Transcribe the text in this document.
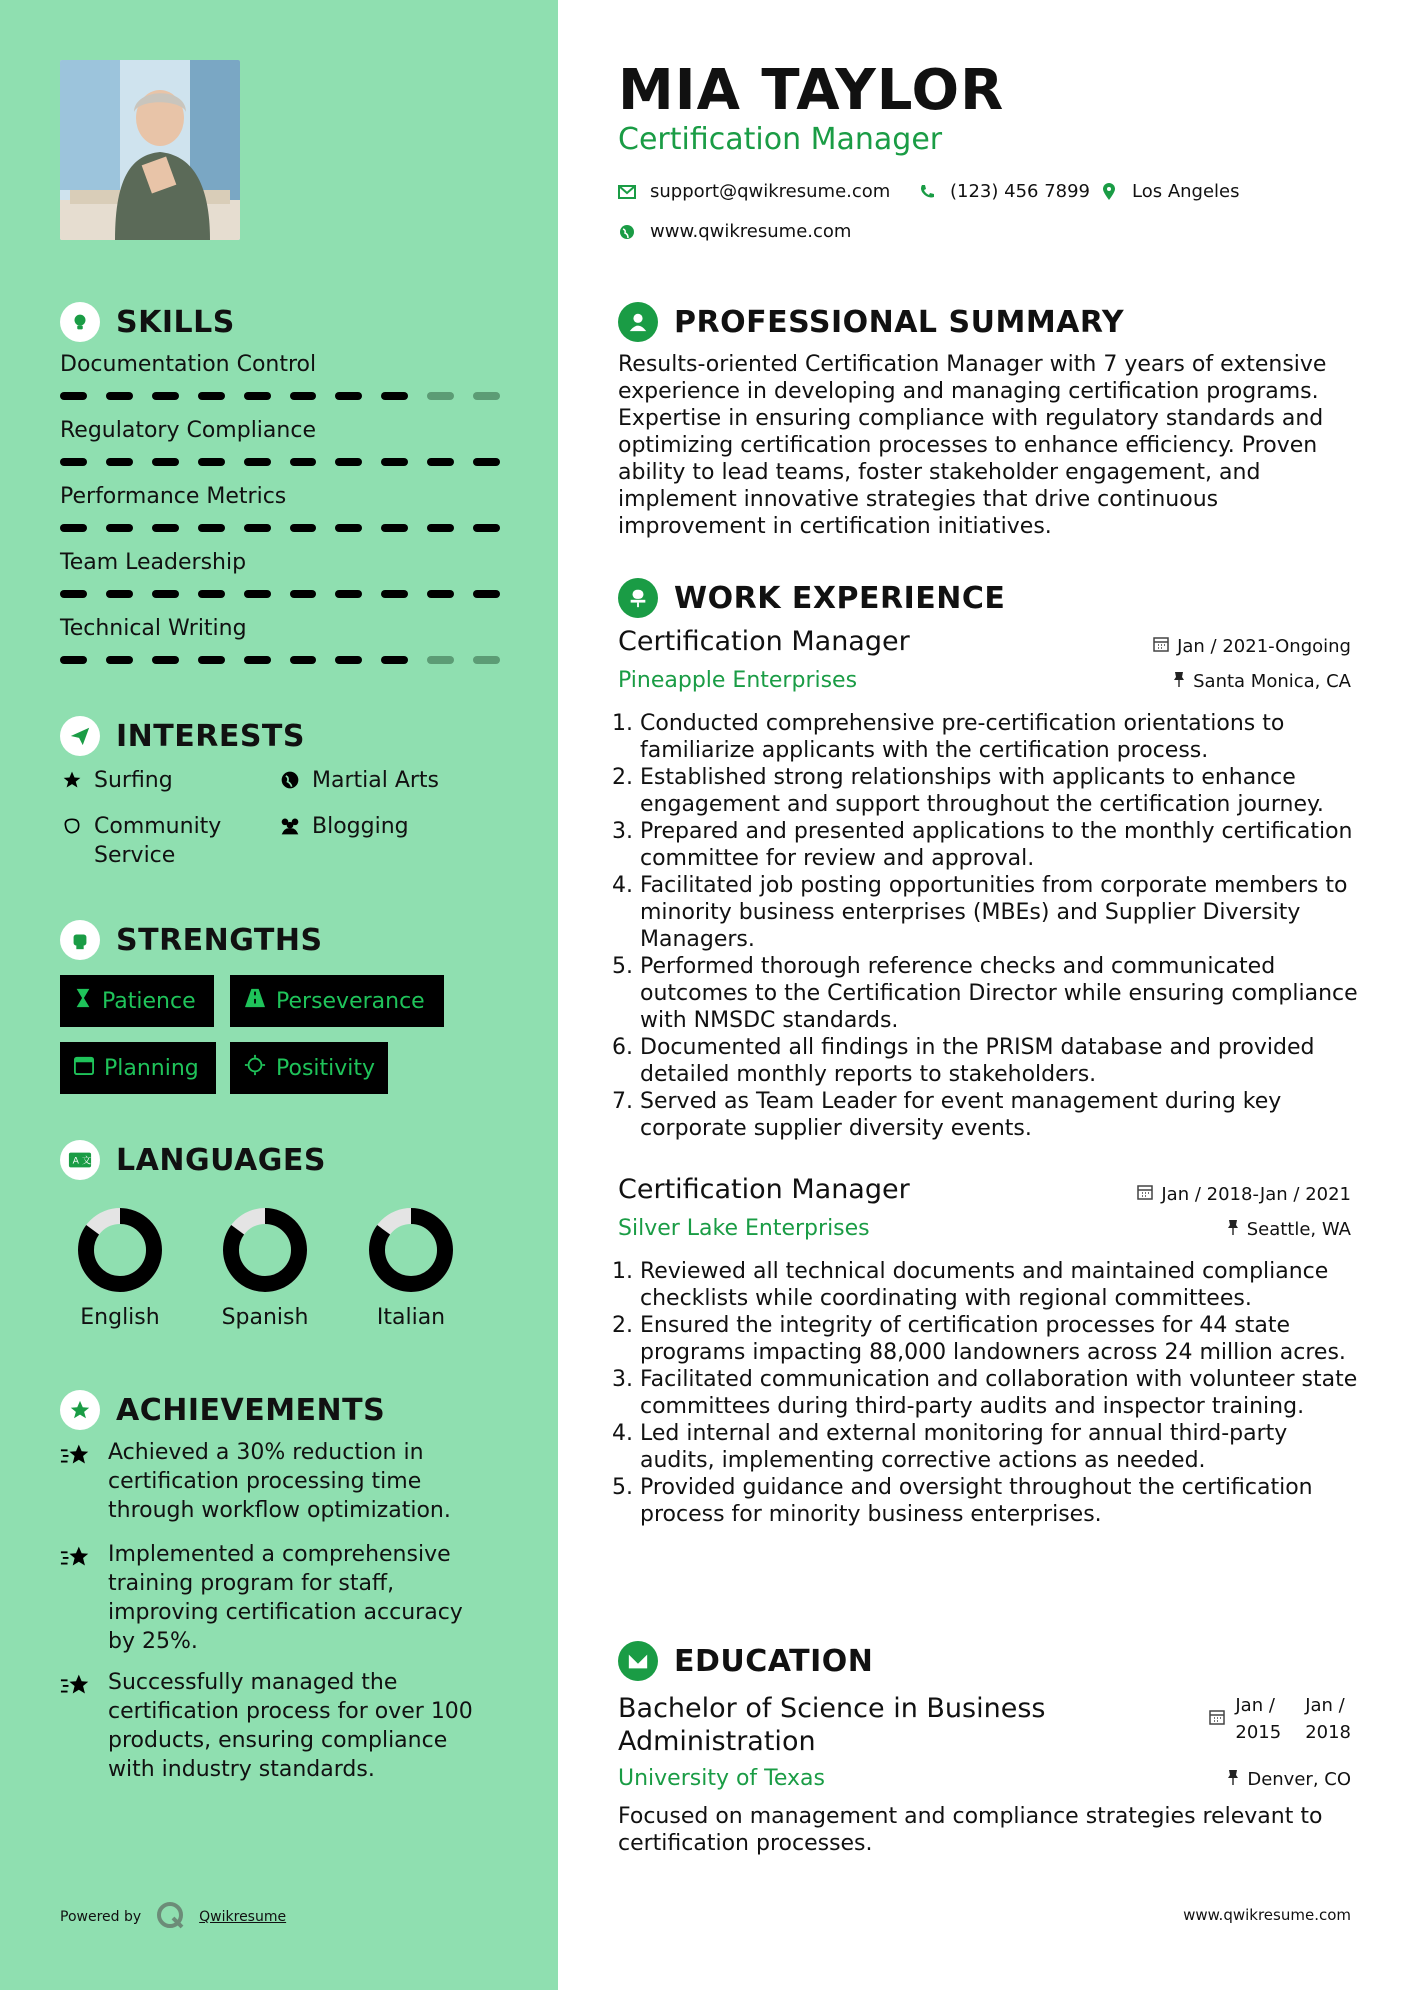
SKILLS
Documentation Control
Regulatory Compliance
Performance Metrics
Team Leadership
Technical Writing
INTERESTS
Surfing	Martial Arts
Community Service
Blogging
STRENGTHS
Patience	Perseverance
Planning	Positivity
A 文 LANGUAGES
English	Spanish	Italian
ACHIEVEMENTS
Achieved a 30% reduction in certification processing time through workflow optimization.
Implemented a comprehensive training program for staff, improving certification accuracy by 25%.
Successfully managed the certification process for over 100 products, ensuring compliance with industry standards.
Powered by	Qwikresume
MIA TAYLOR
Certification Manager
support@qwikresume.com	(123) 456 7899 Los Angeles
www.qwikresume.com
PROFESSIONAL SUMMARY
Results-oriented Certification Manager with 7 years of extensive experience in developing and managing certification programs. Expertise in ensuring compliance with regulatory standards and optimizing certification processes to enhance efficiency. Proven ability to lead teams, foster stakeholder engagement, and implement innovative strategies that drive continuous improvement in certification initiatives.
WORK EXPERIENCE
Certification Manager	Jan / 2021-Ongoing
Pineapple Enterprises	Santa Monica, CA
1. Conducted comprehensive pre-certification orientations to familiarize applicants with the certification process.
2. Established strong relationships with applicants to enhance engagement and support throughout the certification journey.
3. Prepared and presented applications to the monthly certification committee for review and approval.
4. Facilitated job posting opportunities from corporate members to minority business enterprises (MBEs) and Supplier Diversity Managers.
5. Performed thorough reference checks and communicated outcomes to the Certification Director while ensuring compliance with NMSDC standards.
6. Documented all findings in the PRISM database and provided detailed monthly reports to stakeholders.
7. Served as Team Leader for event management during key corporate supplier diversity events.
Certification Manager	Jan / 2018-Jan / 2021
Silver Lake Enterprises	Seattle, WA
1. Reviewed all technical documents and maintained compliance checklists while coordinating with regional committees.
2. Ensured the integrity of certification processes for 44 state programs impacting 88,000 landowners across 24 million acres.
3. Facilitated communication and collaboration with volunteer state committees during third-party audits and inspector training.
4. Led internal and external monitoring for annual third-party audits, implementing corrective actions as needed.
5. Provided guidance and oversight throughout the certification process for minority business enterprises.
EDUCATION
Bachelor of Science in Business
Administration
Jan /
2015
Jan /
2018
University of Texas	Denver, CO
Focused on management and compliance strategies relevant to certification processes.
www.qwikresume.com
